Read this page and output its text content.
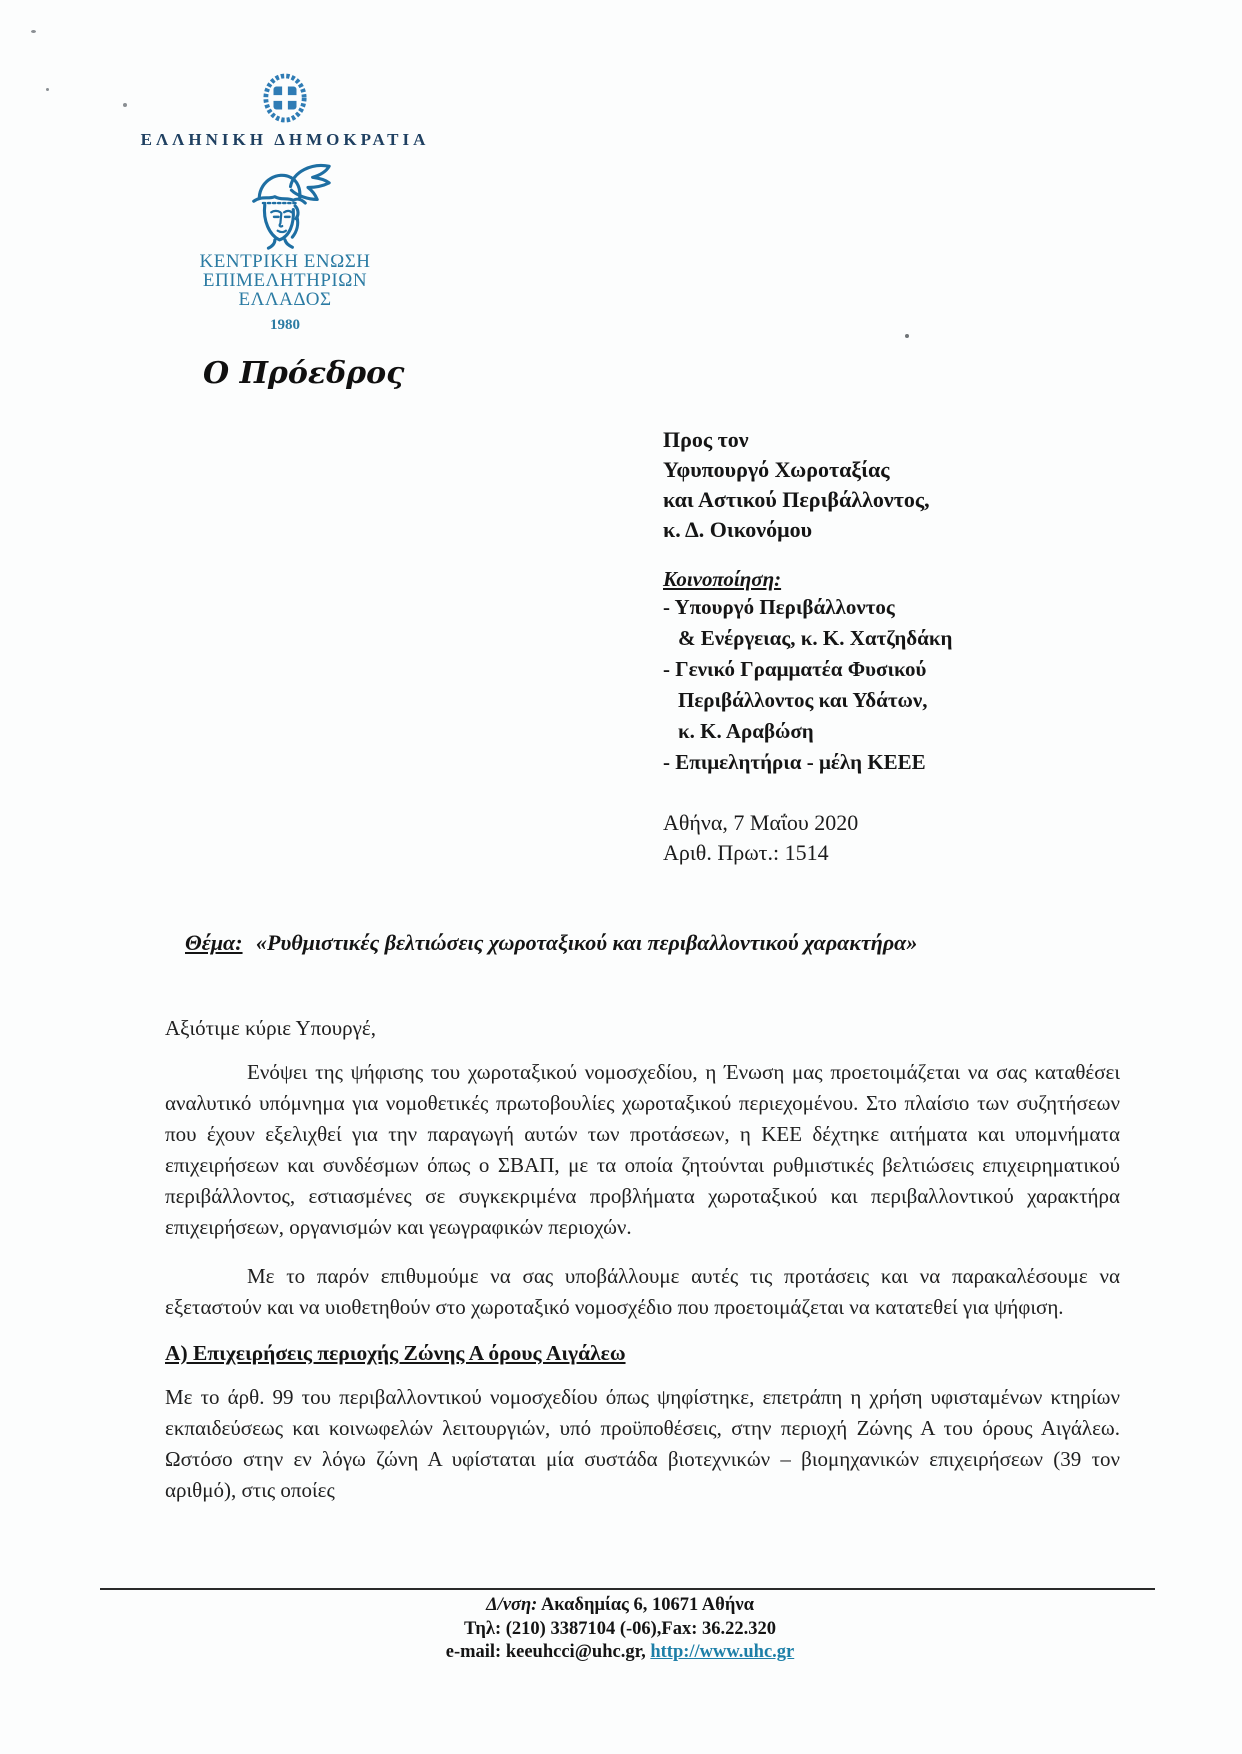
ΕΛΛΗΝΙΚΗ ΔΗΜΟΚΡΑΤΙΑ
ΚΕΝΤΡΙΚΗ ΕΝΩΣΗ
ΕΠΙΜΕΛΗΤΗΡΙΩΝ
ΕΛΛΑΔΟΣ
1980
Ο Πρόεδρος
Προς τον
Υφυπουργό Χωροταξίας
και Αστικού Περιβάλλοντος,
κ. Δ. Οικονόμου
Κοινοποίηση:
- Υπουργό Περιβάλλοντος
& Ενέργειας, κ. Κ. Χατζηδάκη
- Γενικό Γραμματέα Φυσικού
Περιβάλλοντος και Υδάτων,
κ. Κ. Αραβώση
- Επιμελητήρια - μέλη ΚΕΕΕ
Αθήνα, 7 Μαΐου 2020
Αριθ. Πρωτ.: 1514
Θέμα: «Ρυθμιστικές βελτιώσεις χωροταξικού και περιβαλλοντικού χαρακτήρα»

Αξιότιμε κύριε Υπουργέ,

Ενόψει της ψήφισης του χωροταξικού νομοσχεδίου, η Ένωση μας προετοιμάζεται να σας καταθέσει αναλυτικό υπόμνημα για νομοθετικές πρωτοβουλίες χωροταξικού περιεχομένου. Στο πλαίσιο των συζητήσεων που έχουν εξελιχθεί για την παραγωγή αυτών των προτάσεων, η ΚΕΕ δέχτηκε αιτήματα και υπομνήματα επιχειρήσεων και συνδέσμων όπως ο ΣΒΑΠ, με τα οποία ζητούνται ρυθμιστικές βελτιώσεις επιχειρηματικού περιβάλλοντος, εστιασμένες σε συγκεκριμένα προβλήματα χωροταξικού και περιβαλλοντικού χαρακτήρα επιχειρήσεων, οργανισμών και γεωγραφικών περιοχών.

Με το παρόν επιθυμούμε να σας υποβάλλουμε αυτές τις προτάσεις και να παρακαλέσουμε να εξεταστούν και να υιοθετηθούν στο χωροταξικό νομοσχέδιο που προετοιμάζεται να κατατεθεί για ψήφιση.

Α) Επιχειρήσεις περιοχής Ζώνης Α όρους Αιγάλεω

Με το άρθ. 99 του περιβαλλοντικού νομοσχεδίου όπως ψηφίστηκε, επετράπη η χρήση υφισταμένων κτηρίων εκπαιδεύσεως και κοινωφελών λειτουργιών, υπό προϋποθέσεις, στην περιοχή Ζώνης Α του όρους Αιγάλεω. Ωστόσο στην εν λόγω ζώνη Α υφίσταται μία συστάδα βιοτεχνικών – βιομηχανικών επιχειρήσεων (39 τον αριθμό), στις οποίες

Δ/νση: Ακαδημίας 6, 10671 Αθήνα
Τηλ: (210) 3387104 (-06),Fax: 36.22.320
e-mail: keeuhcci@uhc.gr, http://www.uhc.gr
